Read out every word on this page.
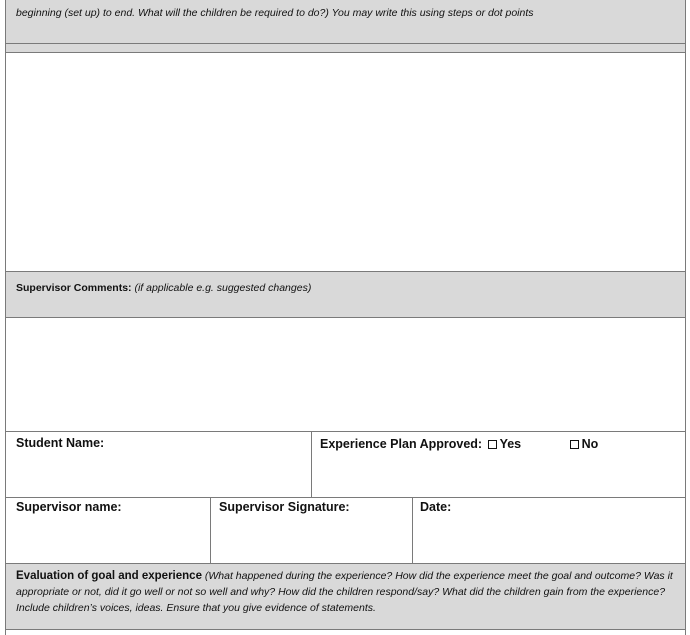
beginning (set up) to end. What will the children be required to do?) You may write this using steps or dot points
Supervisor Comments: (if applicable e.g. suggested changes)
Student Name:	Experience Plan Approved: Yes	No
Supervisor name:	Supervisor Signature:	Date:
Evaluation of goal and experience (What happened during the experience? How did the experience meet the goal and outcome? Was it appropriate or not, did it go well or not so well and why? How did the children respond/say? What did the children gain from the experience? Include children’s voices, ideas. Ensure that you give evidence of statements.
